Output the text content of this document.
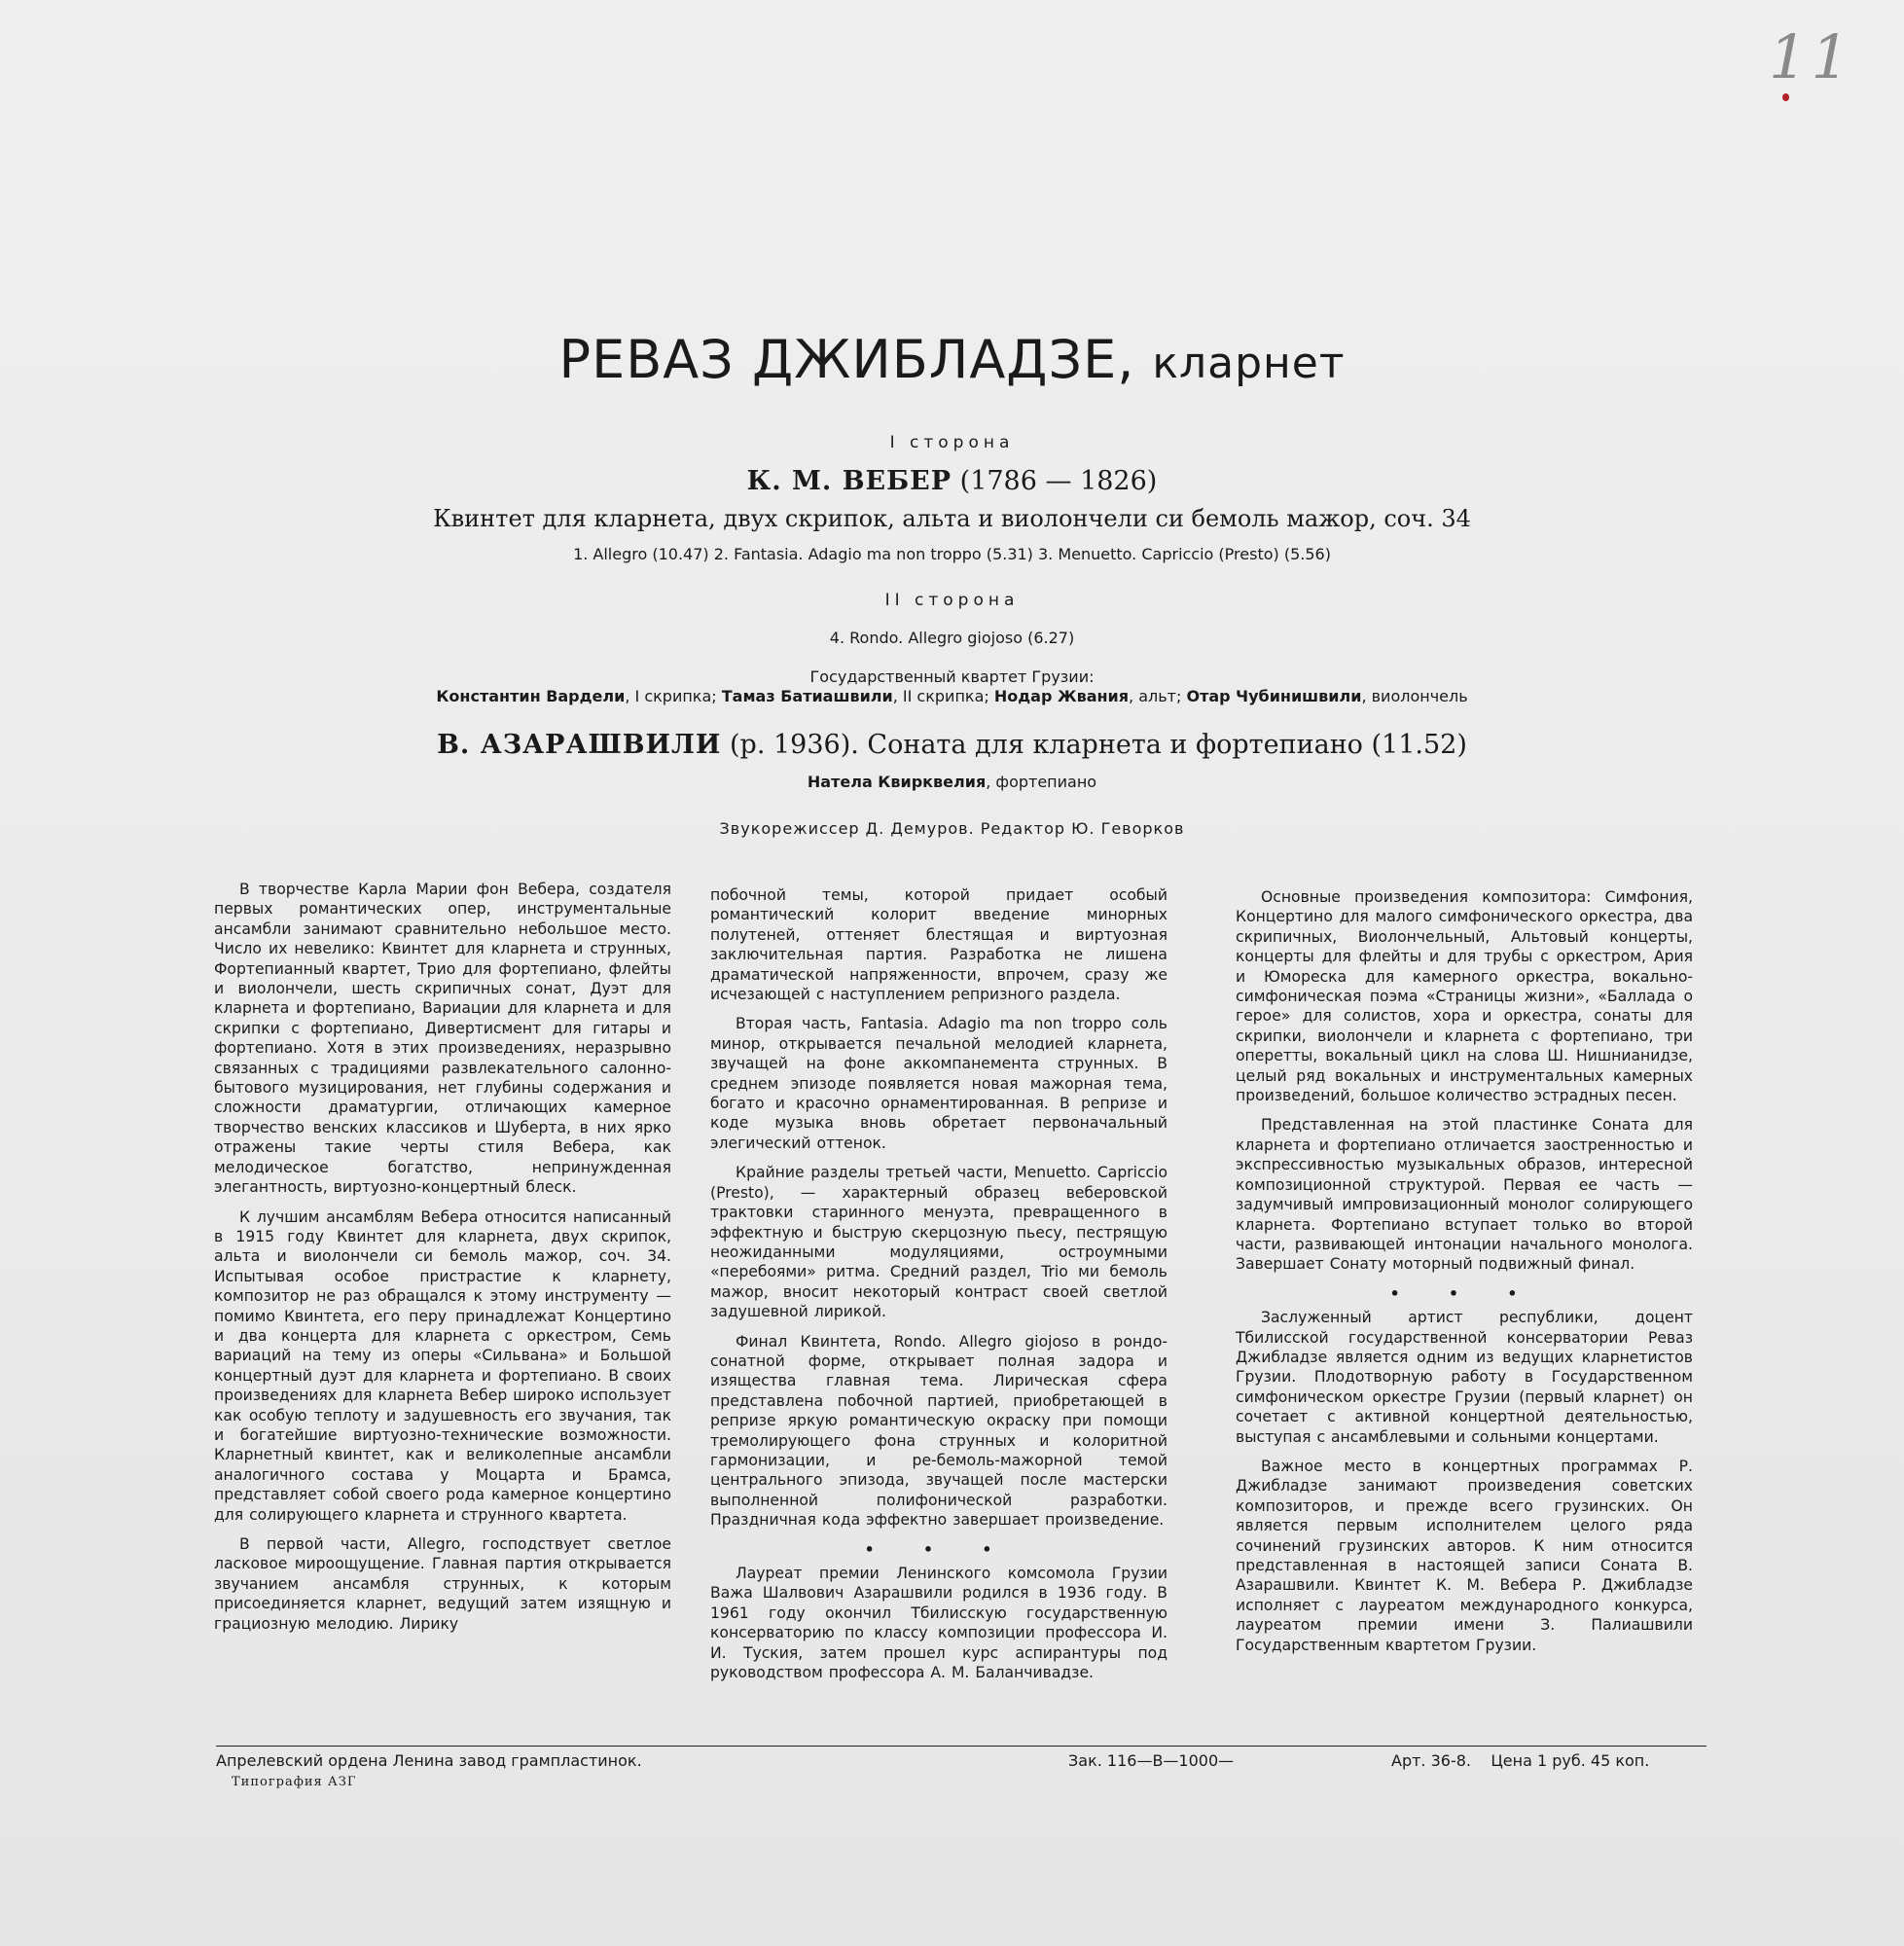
11
РЕВАЗ ДЖИБЛАДЗЕ, кларнет
I сторона
К. М. ВЕБЕР (1786 — 1826)
Квинтет для кларнета, двух скрипок, альта и виолончели си бемоль мажор, соч. 34
1. Allegro (10.47) 2. Fantasia. Adagio ma non troppo (5.31) 3. Menuetto. Capriccio (Presto) (5.56)
II сторона
4. Rondo. Allegro giojoso (6.27)
Государственный квартет Грузии:
Константин Вардели, I скрипка; Тамаз Батиашвили, II скрипка; Нодар Жвания, альт; Отар Чубинишвили, виолончель
В. АЗАРАШВИЛИ (р. 1936). Соната для кларнета и фортепиано (11.52)
Натела Квирквелия, фортепиано
Звукорежиссер Д. Демуров. Редактор Ю. Геворков

В творчестве Карла Марии фон Вебера, создателя первых романтических опер, инструментальные ансамбли занимают сравнительно небольшое место. Число их невелико: Квинтет для кларнета и струнных, Фортепианный квартет, Трио для фортепиано, флейты и виолончели, шесть скрипичных сонат, Дуэт для кларнета и фортепиано, Вариации для кларнета и для скрипки с фортепиано, Дивертисмент для гитары и фортепиано. Хотя в этих произведениях, неразрывно связанных с традициями развлекательного салонно-бытового музицирования, нет глубины содержания и сложности драматургии, отличающих камерное творчество венских классиков и Шуберта, в них ярко отражены такие черты стиля Вебера, как мелодическое богатство, непринужденная элегантность, виртуозно-концертный блеск.

К лучшим ансамблям Вебера относится написанный в 1915 году Квинтет для кларнета, двух скрипок, альта и виолончели си бемоль мажор, соч. 34. Испытывая особое пристрастие к кларнету, композитор не раз обращался к этому инструменту — помимо Квинтета, его перу принадлежат Концертино и два концерта для кларнета с оркестром, Семь вариаций на тему из оперы «Сильвана» и Большой концертный дуэт для кларнета и фортепиано. В своих произведениях для кларнета Вебер широко использует как особую теплоту и задушевность его звучания, так и богатейшие виртуозно-технические возможности. Кларнетный квинтет, как и великолепные ансамбли аналогичного состава у Моцарта и Брамса, представляет собой своего рода камерное концертино для солирующего кларнета и струнного квартета.

В первой части, Allegro, господствует светлое ласковое мироощущение. Главная партия открывается звучанием ансамбля струнных, к которым присоединяется кларнет, ведущий затем изящную и грациозную мелодию. Лирику

побочной темы, которой придает особый романтический колорит введение минорных полутеней, оттеняет блестящая и виртуозная заключительная партия. Разработка не лишена драматической напряженности, впрочем, сразу же исчезающей с наступлением репризного раздела.

Вторая часть, Fantasia. Adagio ma non troppo соль минор, открывается печальной мелодией кларнета, звучащей на фоне аккомпанемента струнных. В среднем эпизоде появляется новая мажорная тема, богато и красочно орнаментированная. В репризе и коде музыка вновь обретает первоначальный элегический оттенок.

Крайние разделы третьей части, Menuetto. Capriccio (Presto), — характерный образец веберовской трактовки старинного менуэта, превращенного в эффектную и быструю скерцозную пьесу, пестрящую неожиданными модуляциями, остроумными «перебоями» ритма. Средний раздел, Trio ми бемоль мажор, вносит некоторый контраст своей светлой задушевной лирикой.

Финал Квинтета, Rondo. Allegro giojoso в рондо-сонатной форме, открывает полная задора и изящества главная тема. Лирическая сфера представлена побочной партией, приобретающей в репризе яркую романтическую окраску при помощи тремолирующего фона струнных и колоритной гармонизации, и ре-бемоль-мажорной темой центрального эпизода, звучащей после мастерски выполненной полифонической разработки. Праздничная кода эффектно завершает произведение.

• • •

Лауреат премии Ленинского комсомола Грузии Важа Шалвович Азарашвили родился в 1936 году. В 1961 году окончил Тбилисскую государственную консерваторию по классу композиции профессора И. И. Туския, затем прошел курс аспирантуры под руководством профессора А. М. Баланчивадзе.

Основные произведения композитора: Симфония, Концертино для малого симфонического оркестра, два скрипичных, Виолончельный, Альтовый концерты, концерты для флейты и для трубы с оркестром, Ария и Юмореска для камерного оркестра, вокально-симфоническая поэма «Страницы жизни», «Баллада о герое» для солистов, хора и оркестра, сонаты для скрипки, виолончели и кларнета с фортепиано, три оперетты, вокальный цикл на слова Ш. Нишнианидзе, целый ряд вокальных и инструментальных камерных произведений, большое количество эстрадных песен.

Представленная на этой пластинке Соната для кларнета и фортепиано отличается заостренностью и экспрессивностью музыкальных образов, интересной композиционной структурой. Первая ее часть — задумчивый импровизационный монолог солирующего кларнета. Фортепиано вступает только во второй части, развивающей интонации начального монолога. Завершает Сонату моторный подвижный финал.

• • •

Заслуженный артист республики, доцент Тбилисской государственной консерватории Реваз Джибладзе является одним из ведущих кларнетистов Грузии. Плодотворную работу в Государственном симфоническом оркестре Грузии (первый кларнет) он сочетает с активной концертной деятельностью, выступая с ансамблевыми и сольными концертами.

Важное место в концертных программах Р. Джибладзе занимают произведения советских композиторов, и прежде всего грузинских. Он является первым исполнителем целого ряда сочинений грузинских авторов. К ним относится представленная в настоящей записи Соната В. Азарашвили. Квинтет К. М. Вебера Р. Джибладзе исполняет с лауреатом международного конкурса, лауреатом премии имени З. Палиашвили Государственным квартетом Грузии.

Апрелевский ордена Ленина завод грампластинок.	Зак. 116—В—1000—	Арт. 36-8.    Цена 1 руб. 45 коп.
Типография АЗГ
